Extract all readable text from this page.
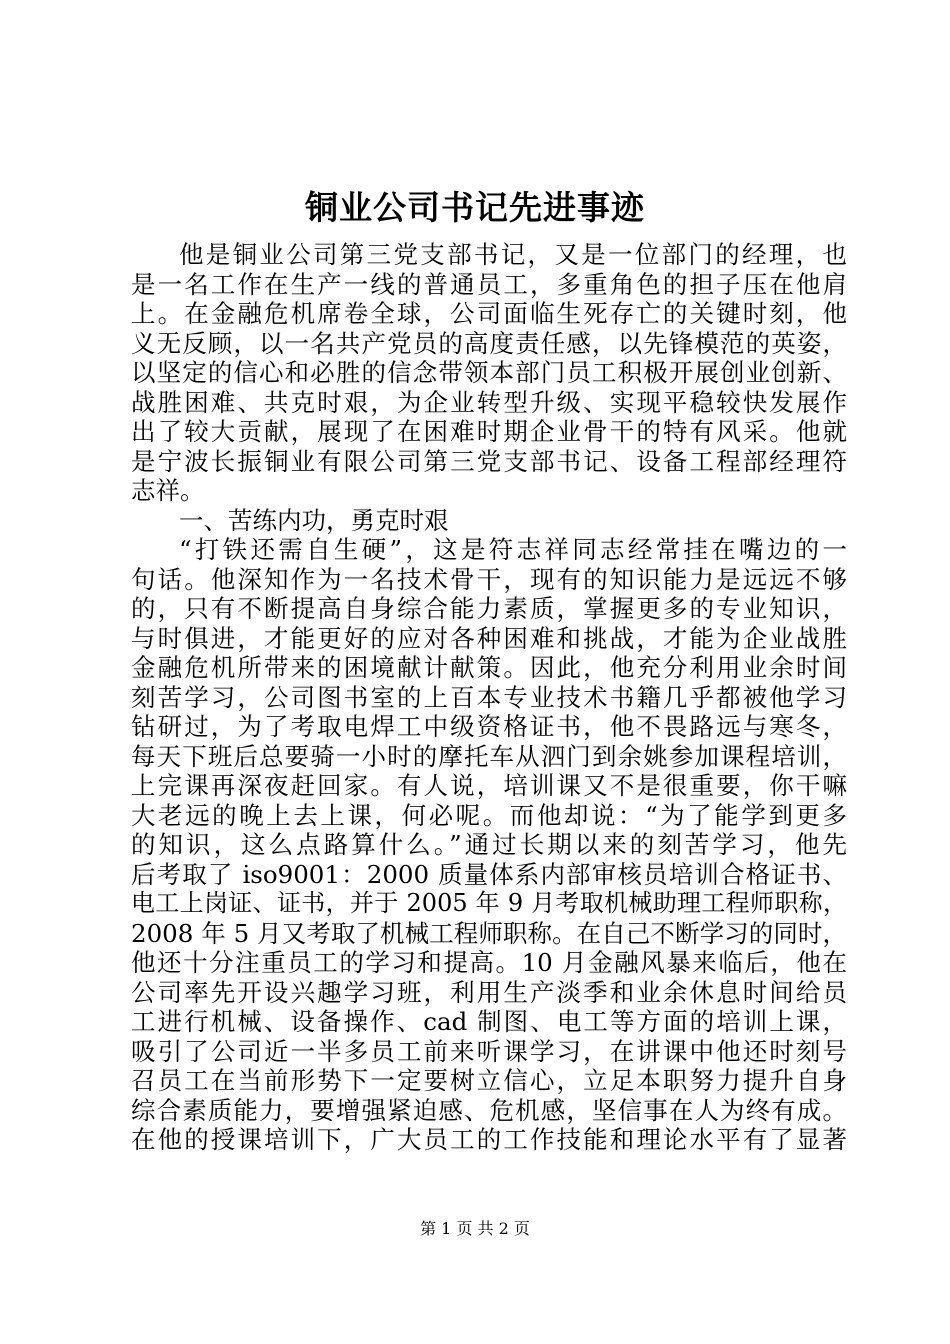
铜业公司书记先进事迹
他是铜业公司第三党支部书记，又是一位部门的经理，也
是一名工作在生产一线的普通员工，多重角色的担子压在他肩
上。在金融危机席卷全球，公司面临生死存亡的关键时刻，他
义无反顾，以一名共产党员的高度责任感，以先锋模范的英姿，
以坚定的信心和必胜的信念带领本部门员工积极开展创业创新、
战胜困难、共克时艰，为企业转型升级、实现平稳较快发展作
出了较大贡献，展现了在困难时期企业骨干的特有风采。他就
是宁波长振铜业有限公司第三党支部书记、设备工程部经理符
志祥。
一、苦练内功，勇克时艰
“打铁还需自生硬”，这是符志祥同志经常挂在嘴边的一
句话。他深知作为一名技术骨干，现有的知识能力是远远不够
的，只有不断提高自身综合能力素质，掌握更多的专业知识，
与时俱进，才能更好的应对各种困难和挑战，才能为企业战胜
金融危机所带来的困境献计献策。因此，他充分利用业余时间
刻苦学习，公司图书室的上百本专业技术书籍几乎都被他学习
钻研过，为了考取电焊工中级资格证书，他不畏路远与寒冬，
每天下班后总要骑一小时的摩托车从泗门到余姚参加课程培训，
上完课再深夜赶回家。有人说，培训课又不是很重要，你干嘛
大老远的晚上去上课，何必呢。而他却说：“为了能学到更多
的知识，这么点路算什么。”通过长期以来的刻苦学习，他先
后考取了 iso9001：2000 质量体系内部审核员培训合格证书、
电工上岗证、证书，并于 2005 年 9 月考取机械助理工程师职称，
2008 年 5 月又考取了机械工程师职称。在自己不断学习的同时，
他还十分注重员工的学习和提高。10 月金融风暴来临后，他在
公司率先开设兴趣学习班，利用生产淡季和业余休息时间给员
工进行机械、设备操作、cad 制图、电工等方面的培训上课，
吸引了公司近一半多员工前来听课学习，在讲课中他还时刻号
召员工在当前形势下一定要树立信心，立足本职努力提升自身
综合素质能力，要增强紧迫感、危机感，坚信事在人为终有成。
在他的授课培训下，广大员工的工作技能和理论水平有了显著
第 1 页 共 2 页
